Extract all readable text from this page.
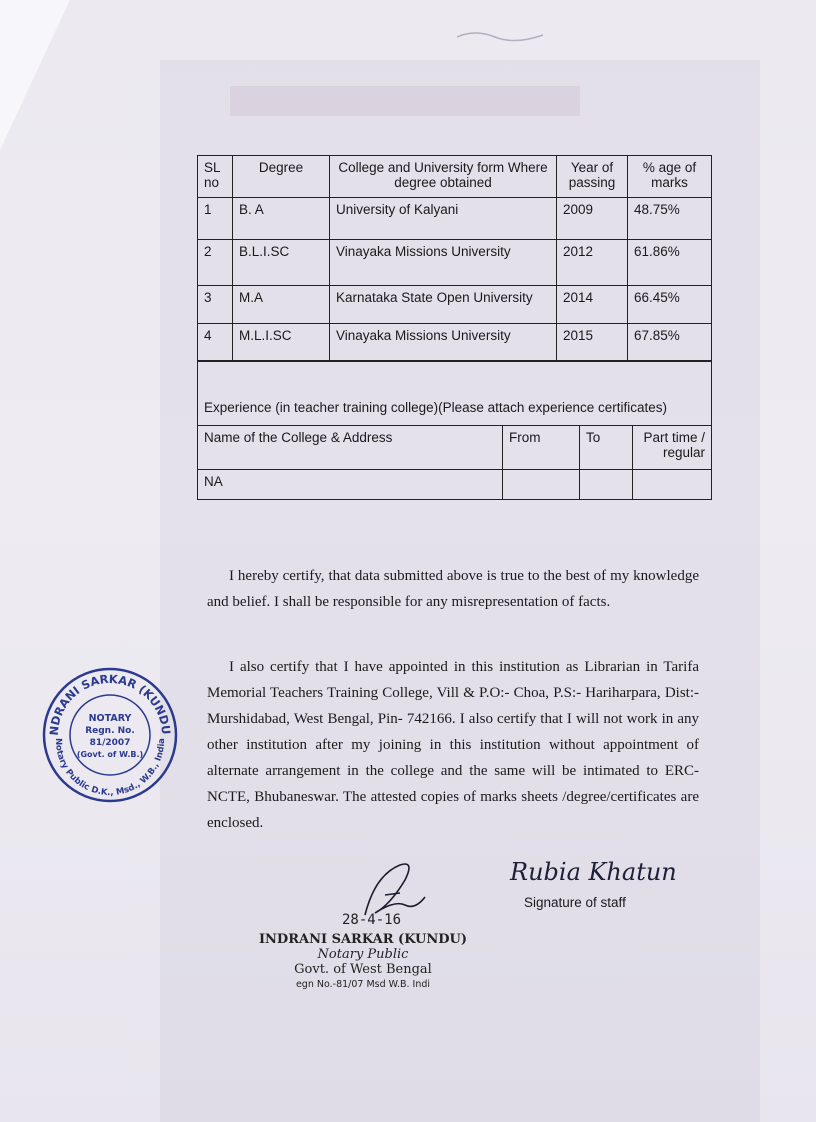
SL no	Degree	College and University form Where degree obtained	Year of passing	% age of marks
1	B. A	University of Kalyani	2009	48.75%
2	B.L.I.SC	Vinayaka Missions University	2012	61.86%
3	M.A	Karnataka State Open University	2014	66.45%
4	M.L.I.SC	Vinayaka Missions University	2015	67.85%
Experience (in teacher training college)(Please attach experience certificates)			
Name of the College & Address	From	To	Part time / regular
NA			

I hereby certify, that data submitted above is true to the best of my knowledge and belief. I shall be responsible for any misrepresentation of facts.

I also certify that I have appointed in this institution as Librarian in Tarifa Memorial Teachers Training College, Vill & P.O:- Choa, P.S:- Hariharpara, Dist:- Murshidabad, West Bengal, Pin- 742166. I also certify that I will not work in any other institution after my joining in this institution without appointment of alternate arrangement in the college and the same will be intimated to ERC-NCTE, Bhubaneswar. The attested copies of marks sheets /degree/certificates are enclosed.

NDRANI SARKAR (KUNDU
Notary Public D.K., Msd., W.B., India
NOTARY
Regn. No.
81/2007
(Govt. of W.B.)
Rubia Khatun
Signature of staff
28-4-16
INDRANI SARKAR (KUNDU)
Notary Public
Govt. of West Bengal
egn No.-81/07 Msd W.B. Indi
